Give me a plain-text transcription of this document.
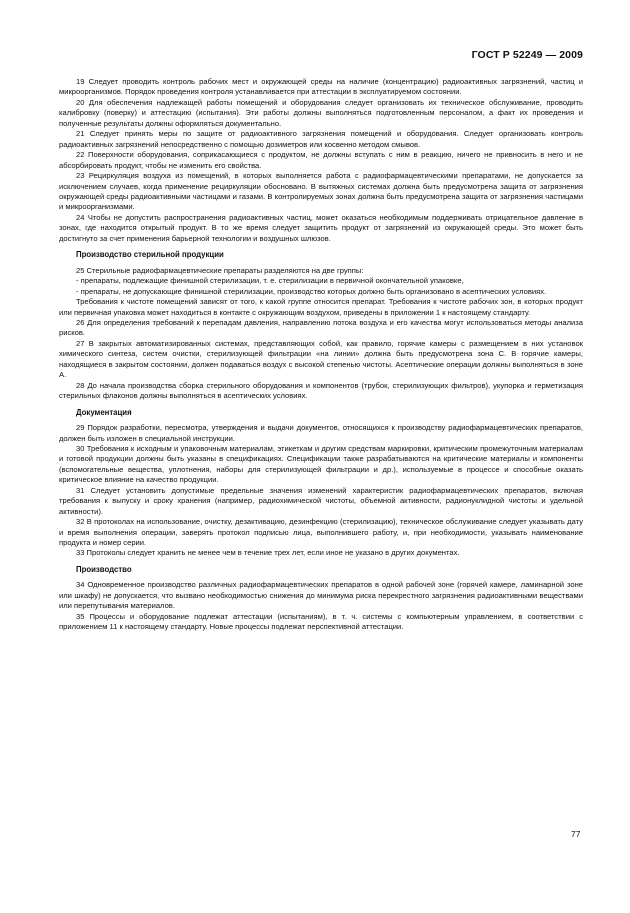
ГОСТ Р 52249 — 2009

19 Следует проводить контроль рабочих мест и окружающей среды на наличие (концентрацию) радиоактивных загрязнений, частиц и микроорганизмов. Порядок проведения контроля устанавливается при аттестации в эксплуатируемом состоянии.

20 Для обеспечения надлежащей работы помещений и оборудования следует организовать их техническое обслуживание, проводить калибровку (поверку) и аттестацию (испытания). Эти работы должны выполняться подготовленным персоналом, а факт их проведения и полученные результаты должны оформляться документально.

21 Следует принять меры по защите от радиоактивного загрязнения помещений и оборудования. Следует организовать контроль радиоактивных загрязнений непосредственно с помощью дозиметров или косвенно методом смывов.

22 Поверхности оборудования, соприкасающиеся с продуктом, не должны вступать с ним в реакцию, ничего не привносить в него и не абсорбировать продукт, чтобы не изменить его свойства.

23 Рециркуляция воздуха из помещений, в которых выполняется работа с радиофармацевтическими препаратами, не допускается за исключением случаев, когда применение рециркуляции обосновано. В вытяжных системах должна быть предусмотрена защита от загрязнения окружающей среды радиоактивными частицами и газами. В контролируемых зонах должна быть предусмотрена защита от загрязнения частицами и микроорганизмами.

24 Чтобы не допустить распространения радиоактивных частиц, может оказаться необходимым поддерживать отрицательное давление в зонах, где находится открытый продукт. В то же время следует защитить продукт от загрязнений из окружающей среды. Это может быть достигнуто за счет применения барьерной технологии и воздушных шлюзов.

Производство стерильной продукции

25 Стерильные радиофармацевтические препараты разделяются на две группы:

- препараты, подлежащие финишной стерилизации, т. е. стерилизации в первичной окончательной упаковке,

- препараты, не допускающие финишной стерилизации, производство которых должно быть организовано в асептических условиях.

Требования к чистоте помещений зависят от того, к какой группе относится препарат. Требования к чистоте рабочих зон, в которых продукт или первичная упаковка может находиться в контакте с окружающим воздухом, приведены в приложении 1 к настоящему стандарту.

26 Для определения требований к перепадам давления, направлению потока воздуха и его качества могут использоваться методы анализа рисков.

27 В закрытых автоматизированных системах, представляющих собой, как правило, горячие камеры с размещением в них установок химического синтеза, систем очистки, стерилизующей фильтрации «на линии» должна быть предусмотрена зона С. В горячие камеры, находящиеся в закрытом состоянии, должен подаваться воздух с высокой степенью чистоты. Асептические операции должны выполняться в зоне А.

28 До начала производства сборка стерильного оборудования и компонентов (трубок, стерилизующих фильтров), укупорка и герметизация стерильных флаконов должны выполняться в асептических условиях.

Документация

29 Порядок разработки, пересмотра, утверждения и выдачи документов, относящихся к производству радиофармацевтических препаратов, должен быть изложен в специальной инструкции.

30 Требования к исходным и упаковочным материалам, этикеткам и другим средствам маркировки, критическим промежуточным материалам и готовой продукции должны быть указаны в спецификациях. Спецификации также разрабатываются на критические материалы и компоненты (вспомогательные вещества, уплотнения, наборы для стерилизующей фильтрации и др.), используемые в процессе и способные оказать критическое влияние на качество продукции.

31 Следует установить допустимые предельные значения изменений характеристик радиофармацевтических препаратов, включая требования к выпуску и сроку хранения (например, радиохимической чистоты, объемной активности, радионуклидной чистоты и удельной активности).

32 В протоколах на использование, очистку, дезактивацию, дезинфекцию (стерилизацию), техническое обслуживание следует указывать дату и время выполнения операции, заверять протокол подписью лица, выполнившего работу, и, при необходимости, указывать наименование продукта и номер серии.

33 Протоколы следует хранить не менее чем в течение трех лет, если иное не указано в других документах.

Производство

34 Одновременное производство различных радиофармацевтических препаратов в одной рабочей зоне (горячей камере, ламинарной зоне или шкафу) не допускается, что вызвано необходимостью снижения до минимума риска перекрестного загрязнения радиоактивными веществами или перепутывания материалов.

35 Процессы и оборудование подлежат аттестации (испытаниям), в т. ч. системы с компьютерным управлением, в соответствии с приложением 11 к настоящему стандарту. Новые процессы подлежат перспективной аттестации.

77
